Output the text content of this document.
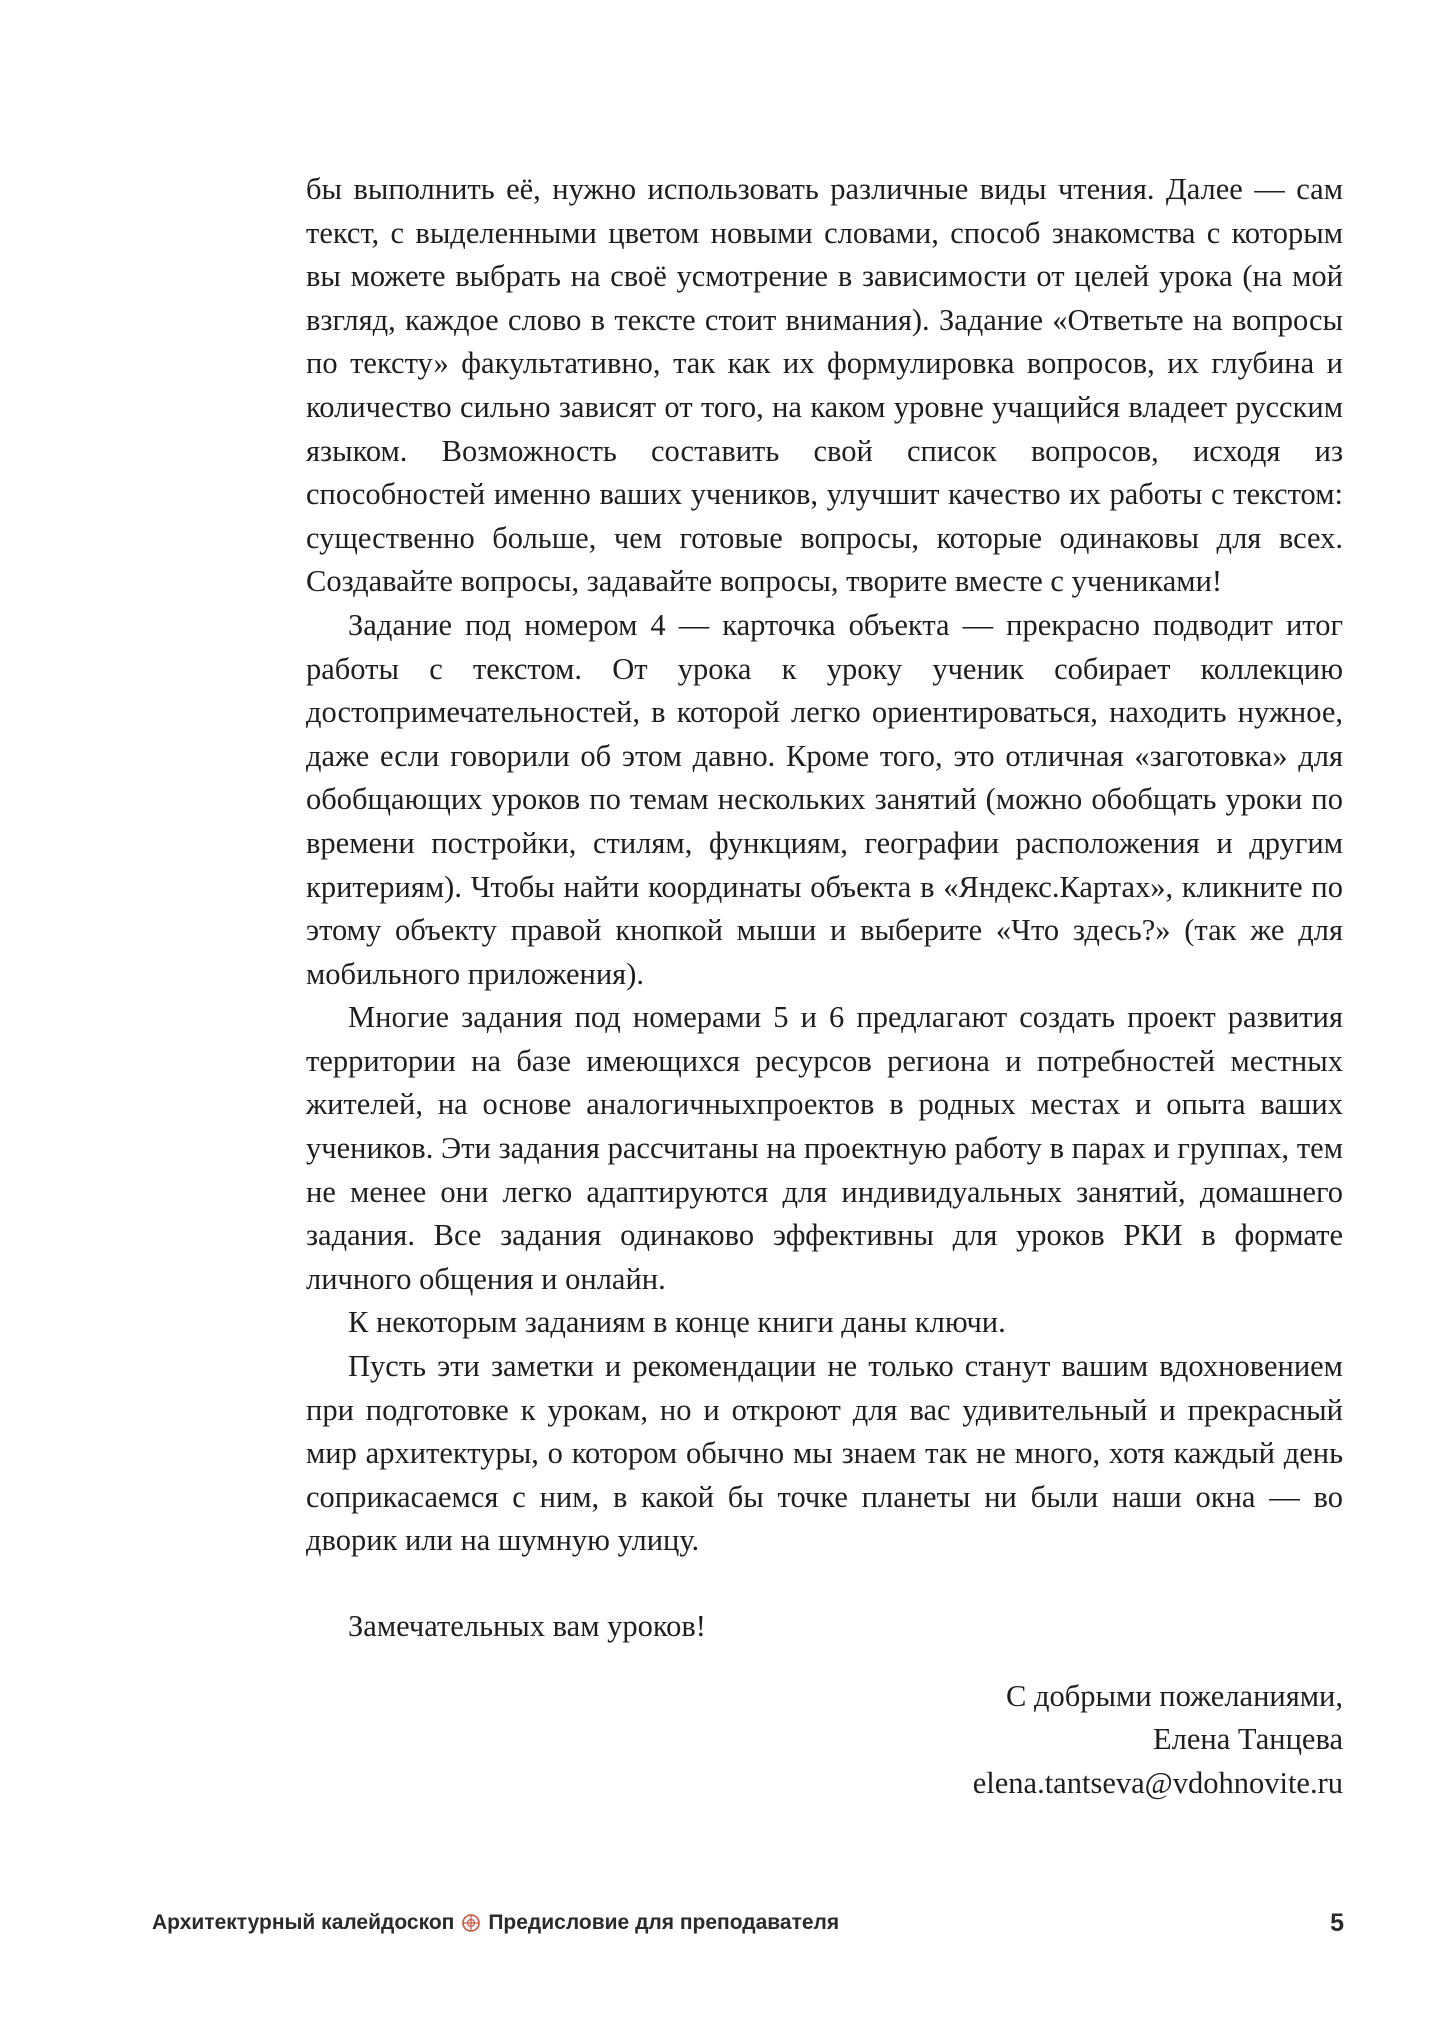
бы выполнить её, нужно использовать различные виды чтения. Далее — сам текст, с выделенными цветом новыми словами, способ знакомства с которым вы можете выбрать на своё усмотрение в зависимости от целей урока (на мой взгляд, каждое слово в тексте стоит внимания). Задание «Ответьте на вопросы по тексту» факультативно, так как их формулировка вопросов, их глубина и количество сильно зависят от того, на каком уровне учащийся владеет русским языком. Возможность составить свой список вопросов, исходя из способностей именно ваших учеников, улучшит качество их работы с текстом: существенно больше, чем готовые вопросы, которые одинаковы для всех. Создавайте вопросы, задавайте вопросы, творите вместе с учениками!

Задание под номером 4 — карточка объекта — прекрасно подводит итог работы с текстом. От урока к уроку ученик собирает коллекцию достопримечательностей, в которой легко ориентироваться, находить нужное, даже если говорили об этом давно. Кроме того, это отличная «заготовка» для обобщающих уроков по темам нескольких занятий (можно обобщать уроки по времени постройки, стилям, функциям, географии расположения и другим критериям). Чтобы найти координаты объекта в «Яндекс.Картах», кликните по этому объекту правой кнопкой мыши и выберите «Что здесь?» (так же для мобильного приложения).

Многие задания под номерами 5 и 6 предлагают создать проект развития территории на базе имеющихся ресурсов региона и потребностей местных жителей, на основе аналогичныхпроектов в родных местах и опыта ваших учеников. Эти задания рассчитаны на проектную работу в парах и группах, тем не менее они легко адаптируются для индивидуальных занятий, домашнего задания. Все задания одинаково эффективны для уроков РКИ в формате личного общения и онлайн.

К некоторым заданиям в конце книги даны ключи.

Пусть эти заметки и рекомендации не только станут вашим вдохновением при подготовке к урокам, но и откроют для вас удивительный и прекрасный мир архитектуры, о котором обычно мы знаем так не много, хотя каждый день соприкасаемся с ним, в какой бы точке планеты ни были наши окна — во дворик или на шумную улицу.

Замечательных вам уроков!

С добрыми пожеланиями,

Елена Танцева

elena.tantseva@vdohnovite.ru

Архитектурный калейдоскоп Предисловие для преподавателя	5
